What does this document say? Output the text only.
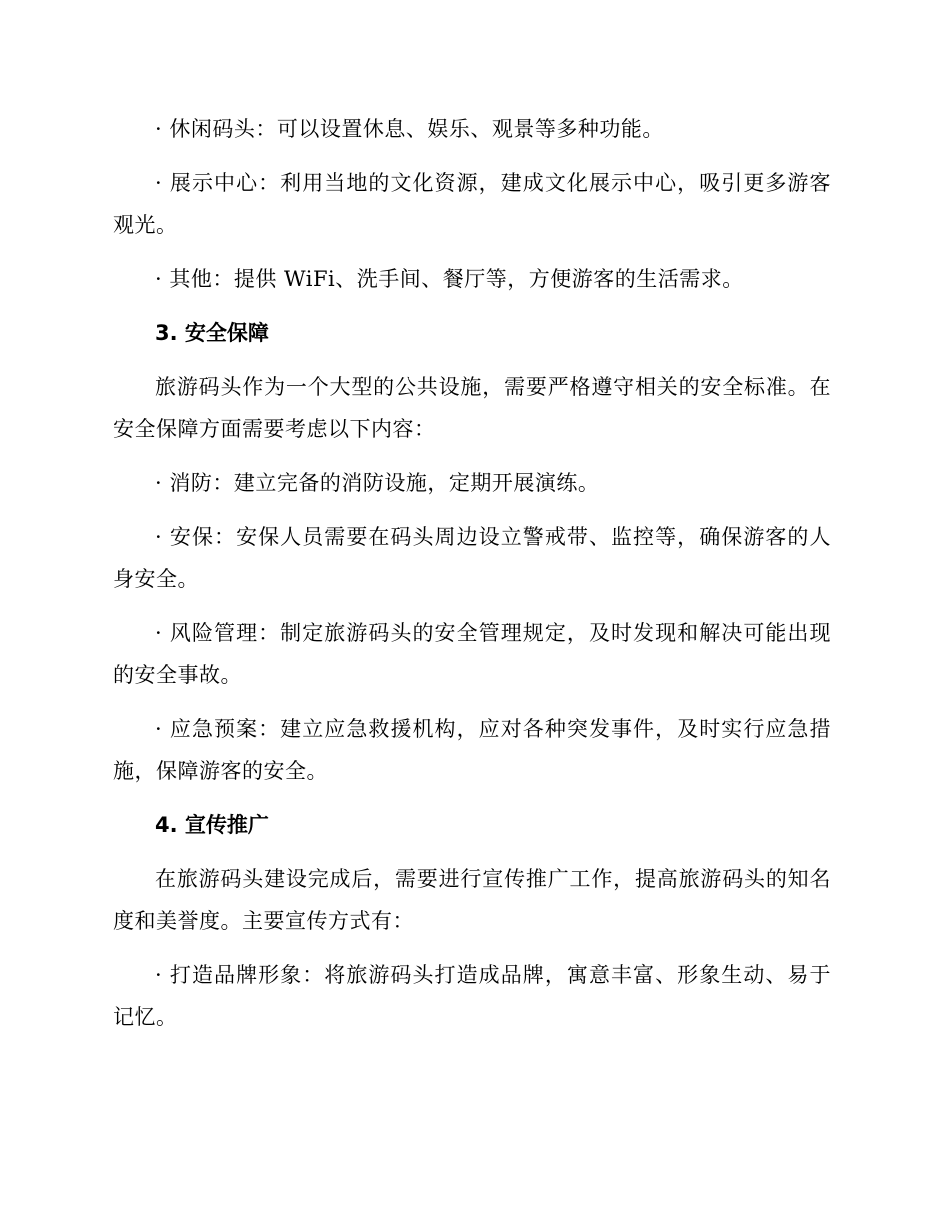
· 休闲码头：可以设置休息、娱乐、观景等多种功能。

· 展示中心：利用当地的文化资源，建成文化展示中心，吸引更多游客观光。

· 其他：提供 WiFi、洗手间、餐厅等，方便游客的生活需求。

3. 安全保障

旅游码头作为一个大型的公共设施，需要严格遵守相关的安全标准。在安全保障方面需要考虑以下内容：

· 消防：建立完备的消防设施，定期开展演练。

· 安保：安保人员需要在码头周边设立警戒带、监控等，确保游客的人身安全。

· 风险管理：制定旅游码头的安全管理规定，及时发现和解决可能出现的安全事故。

· 应急预案：建立应急救援机构，应对各种突发事件，及时实行应急措施，保障游客的安全。

4. 宣传推广

在旅游码头建设完成后，需要进行宣传推广工作，提高旅游码头的知名度和美誉度。主要宣传方式有：

· 打造品牌形象：将旅游码头打造成品牌，寓意丰富、形象生动、易于记忆。
